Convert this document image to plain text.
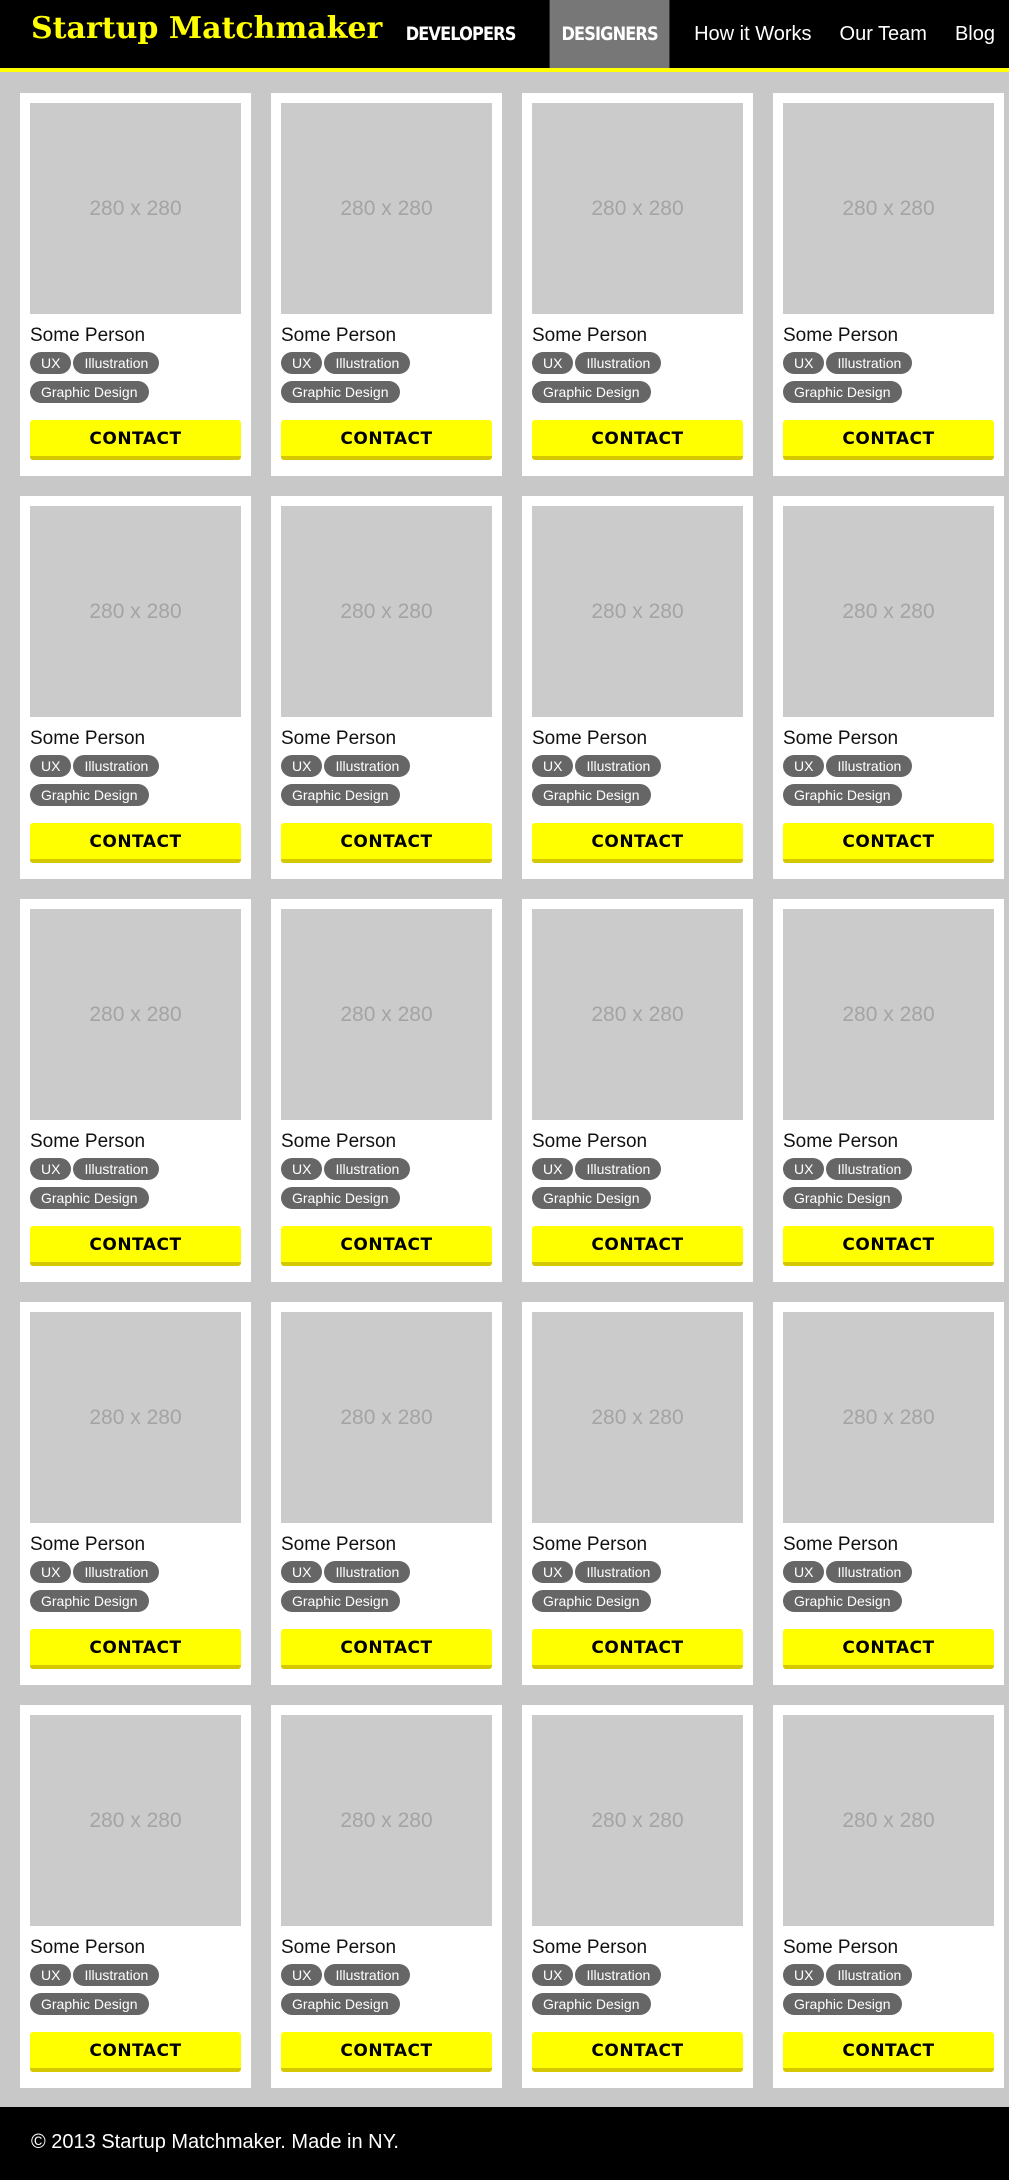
Startup Matchmaker	DEVELOPERS	DESIGNERS	How it Works	Our Team	Blog
280 x 280
Some Person
UX IllustrationGraphic Design
CONTACT
280 x 280
Some Person
UX IllustrationGraphic Design
CONTACT
280 x 280
Some Person
UX IllustrationGraphic Design
CONTACT
280 x 280
Some Person
UX IllustrationGraphic Design
CONTACT
280 x 280
Some Person
UX IllustrationGraphic Design
CONTACT
280 x 280
Some Person
UX IllustrationGraphic Design
CONTACT
280 x 280
Some Person
UX IllustrationGraphic Design
CONTACT
280 x 280
Some Person
UX IllustrationGraphic Design
CONTACT
280 x 280
Some Person
UX IllustrationGraphic Design
CONTACT
280 x 280
Some Person
UX IllustrationGraphic Design
CONTACT
280 x 280
Some Person
UX IllustrationGraphic Design
CONTACT
280 x 280
Some Person
UX IllustrationGraphic Design
CONTACT
280 x 280
Some Person
UX IllustrationGraphic Design
CONTACT
280 x 280
Some Person
UX IllustrationGraphic Design
CONTACT
280 x 280
Some Person
UX IllustrationGraphic Design
CONTACT
280 x 280
Some Person
UX IllustrationGraphic Design
CONTACT
280 x 280
Some Person
UX IllustrationGraphic Design
CONTACT
280 x 280
Some Person
UX IllustrationGraphic Design
CONTACT
280 x 280
Some Person
UX IllustrationGraphic Design
CONTACT
280 x 280
Some Person
UX IllustrationGraphic Design
CONTACT
© 2013 Startup Matchmaker. Made in NY.
